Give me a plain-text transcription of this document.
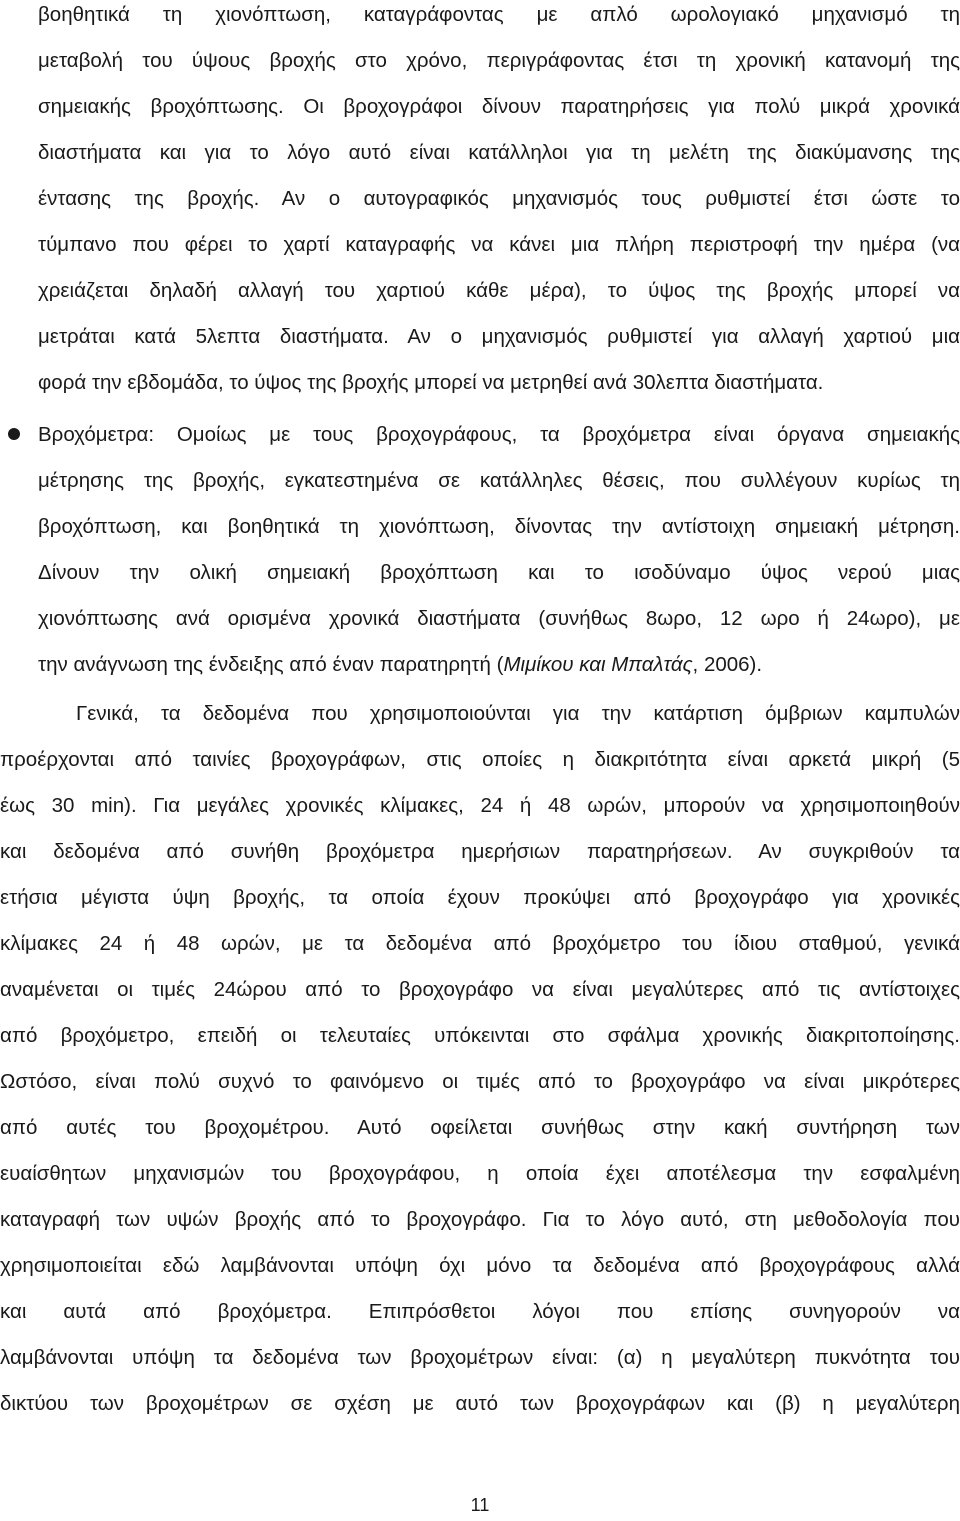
βοηθητικά τη χιονόπτωση, καταγράφοντας με απλό ωρολογιακό μηχανισμό τη
μεταβολή του ύψους βροχής στο χρόνο, περιγράφοντας έτσι τη χρονική κατανομή της
σημειακής βροχόπτωσης. Οι βροχογράφοι δίνουν παρατηρήσεις για πολύ μικρά χρονικά
διαστήματα και για το λόγο αυτό είναι κατάλληλοι για τη μελέτη της διακύμανσης της
έντασης της βροχής. Αν ο αυτογραφικός μηχανισμός τους ρυθμιστεί έτσι ώστε το
τύμπανο που φέρει το χαρτί καταγραφής να κάνει μια πλήρη περιστροφή την ημέρα (να
χρειάζεται δηλαδή αλλαγή του χαρτιού κάθε μέρα), το ύψος της βροχής μπορεί να
μετράται κατά 5λεπτα διαστήματα. Αν ο μηχανισμός ρυθμιστεί για αλλαγή χαρτιού μια
φορά την εβδομάδα, το ύψος της βροχής μπορεί να μετρηθεί ανά 30λεπτα διαστήματα.
Βροχόμετρα: Ομοίως με τους βροχογράφους, τα βροχόμετρα είναι όργανα σημειακής
μέτρησης της βροχής, εγκατεστημένα σε κατάλληλες θέσεις, που συλλέγουν κυρίως τη
βροχόπτωση, και βοηθητικά τη χιονόπτωση, δίνοντας την αντίστοιχη σημειακή μέτρηση.
Δίνουν την ολική σημειακή βροχόπτωση και το ισοδύναμο ύψος νερού μιας
χιονόπτωσης ανά ορισμένα χρονικά διαστήματα (συνήθως 8ωρο, 12 ωρο ή 24ωρο), με
την ανάγνωση της ένδειξης από έναν παρατηρητή (Μιμίκου και Μπαλτάς, 2006).
Γενικά, τα δεδομένα που χρησιμοποιούνται για την κατάρτιση όμβριων καμπυλών
προέρχονται από ταινίες βροχογράφων, στις οποίες η διακριτότητα είναι αρκετά μικρή (5
έως 30 min). Για μεγάλες χρονικές κλίμακες, 24 ή 48 ωρών, μπορούν να χρησιμοποιηθούν
και δεδομένα από συνήθη βροχόμετρα ημερήσιων παρατηρήσεων. Αν συγκριθούν τα
ετήσια μέγιστα ύψη βροχής, τα οποία έχουν προκύψει από βροχογράφο για χρονικές
κλίμακες 24 ή 48 ωρών, με τα δεδομένα από βροχόμετρο του ίδιου σταθμού, γενικά
αναμένεται οι τιμές 24ώρου από το βροχογράφο να είναι μεγαλύτερες από τις αντίστοιχες
από βροχόμετρο, επειδή οι τελευταίες υπόκεινται στο σφάλμα χρονικής διακριτοποίησης.
Ωστόσο, είναι πολύ συχνό το φαινόμενο οι τιμές από το βροχογράφο να είναι μικρότερες
από αυτές του βροχομέτρου. Αυτό οφείλεται συνήθως στην κακή συντήρηση των
ευαίσθητων μηχανισμών του βροχογράφου, η οποία έχει αποτέλεσμα την εσφαλμένη
καταγραφή των υψών βροχής από το βροχογράφο. Για το λόγο αυτό, στη μεθοδολογία που
χρησιμοποιείται εδώ λαμβάνονται υπόψη όχι μόνο τα δεδομένα από βροχογράφους αλλά
και αυτά από βροχόμετρα. Επιπρόσθετοι λόγοι που επίσης συνηγορούν να
λαμβάνονται υπόψη τα δεδομένα των βροχομέτρων είναι: (α) η μεγαλύτερη πυκνότητα του
δικτύου των βροχομέτρων σε σχέση με αυτό των βροχογράφων και (β) η μεγαλύτερη
11
